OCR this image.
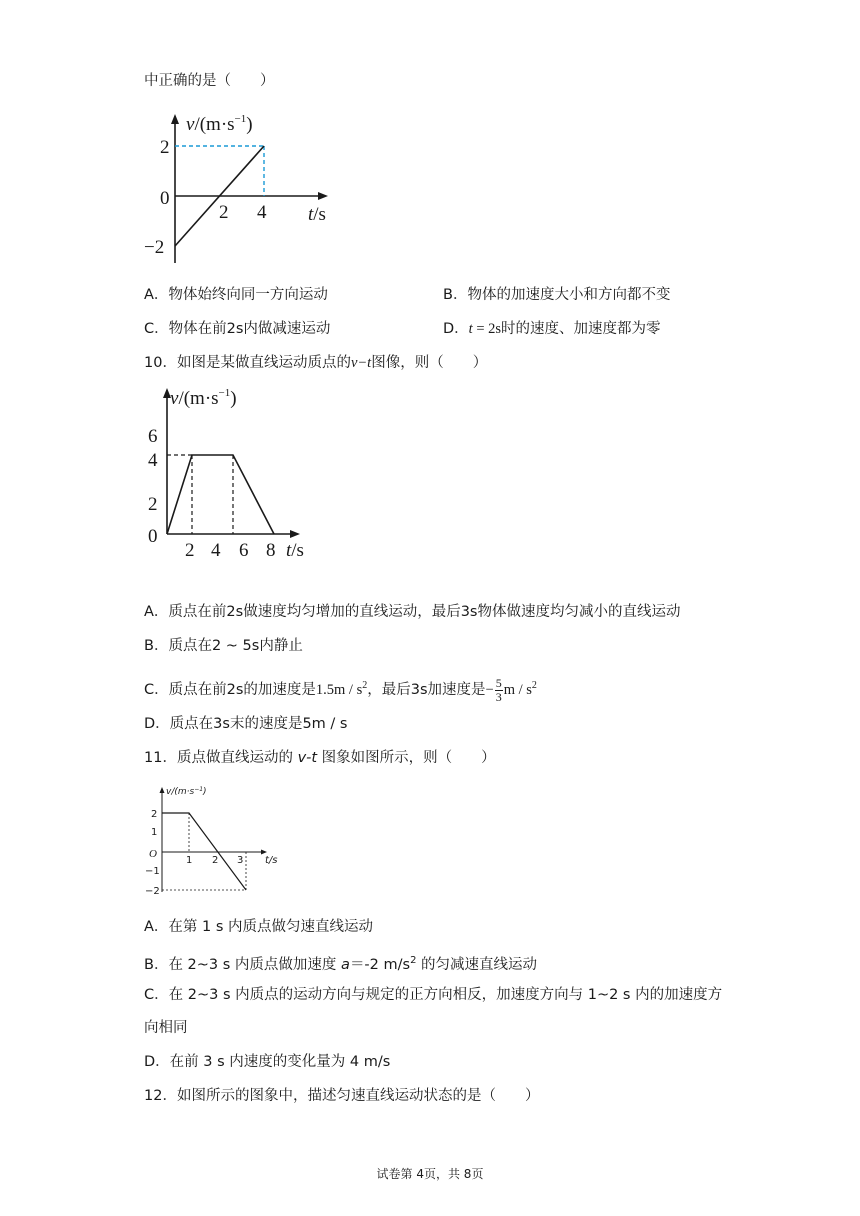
中正确的是（　　）
$v/(m\cdot s^{-1})$
2
0
−2
2 4 t/s
A．物体始终向同一方向运动	B．物体的加速度大小和方向都不变
C．物体在前2s内做减速运动	D．t = 2s时的速度、加速度都为零
10．如图是某做直线运动质点的v−t图像，则（　　）
$v/(m\cdot s^{-1})$
6
4
2
0
2 4 6 8 t/s
A．质点在前2s做速度均匀增加的直线运动，最后3s物体做速度均匀减小的直线运动
B．质点在2 ~ 5s内静止
C．质点在前2s的加速度是$1.5m / s^2$，最后3s加速度是− $\frac{5}{3}$ m / $s^2$
D．质点在3s末的速度是5m / s
11．质点做直线运动的 v-t 图象如图所示，则（　　）
$v/(m\cdot s^{-1})$
2
1
O
−1
−2
1 2 3 t/s
A．在第 1 s 内质点做匀速直线运动
B．在 2~3 s 内质点做加速度 a＝-2 $m/s^2$ 的匀减速直线运动
C．在 2~3 s 内质点的运动方向与规定的正方向相反，加速度方向与 1~2 s 内的加速度方
向相同
D．在前 3 s 内速度的变化量为 4 m/s
12．如图所示的图象中，描述匀速直线运动状态的是（　　）
试卷第 4页，共 8页
